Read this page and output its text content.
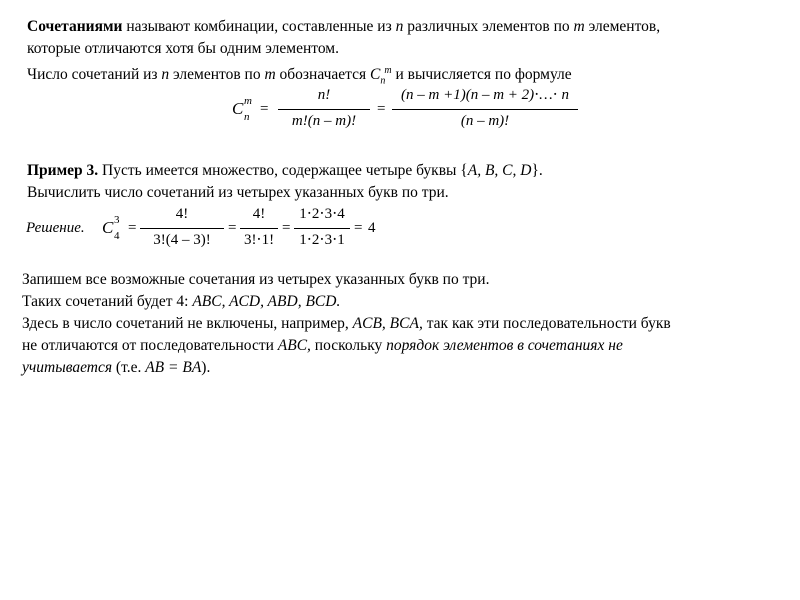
Сочетаниями называют комбинации, составленные из n различных элементов по m элементов,
которые отличаются хотя бы одним элементом.
Число сочетаний из n элементов по m обозначается $C_n^m$ и вычисляется по формуле
C n
m =
n!
m!(n – m)!
=
(n – m +1)(n – m + 2)⋅…⋅ n
(n – m)!
Пример 3. Пусть имеется множество, содержащее четыре буквы {A, B, C, D}.
Вычислить число сочетаний из четырех указанных букв по три.
Решение. C 4
3 =
4!
3!(4 – 3)!
=
4!
3!⋅1!
=
1⋅2⋅3⋅4
1⋅2⋅3⋅1
= 4
Запишем все возможные сочетания из четырех указанных букв по три.
Таких сочетаний будет 4: ABC, ACD, ABD, BCD.
Здесь в число сочетаний не включены, например, ACB, BCA, так как эти последовательности букв
не отличаются от последовательности ABC, поскольку порядок элементов в сочетаниях не
учитывается (т.е. AB = BA).
